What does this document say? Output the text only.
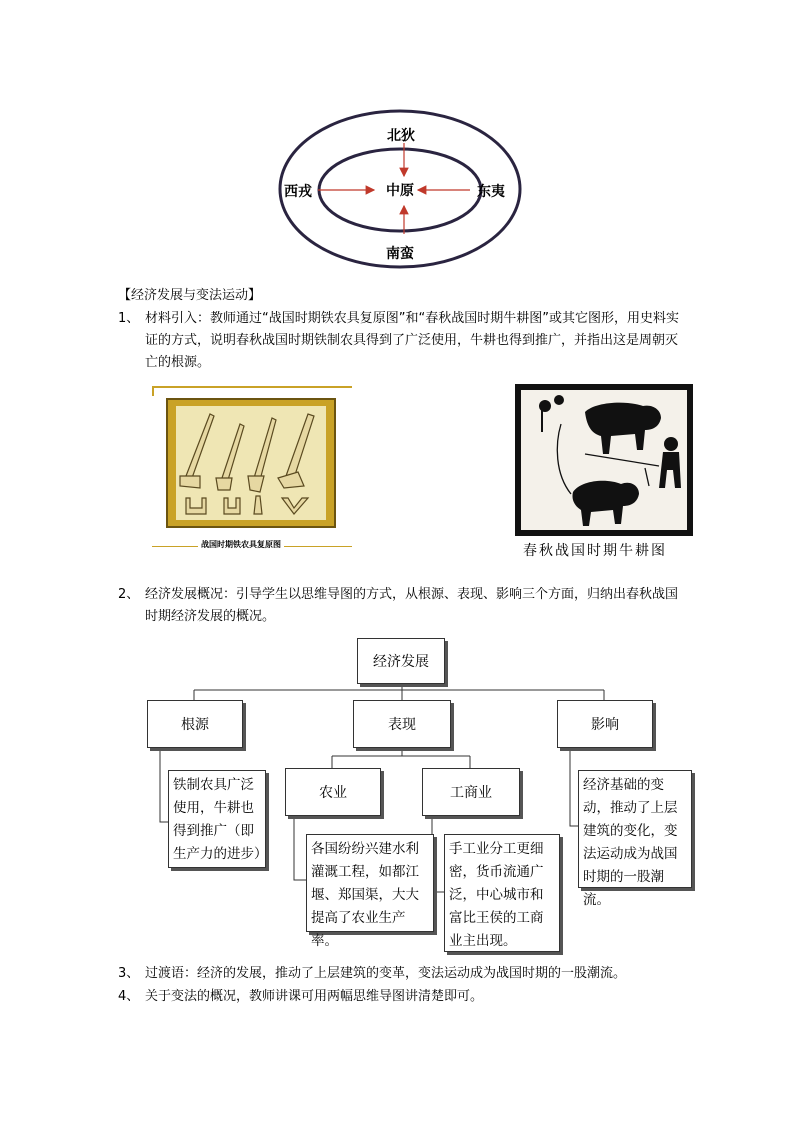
北狄
西戎	中原	东夷
南蛮
【经济发展与变法运动】
1、 材料引入：教师通过“战国时期铁农具复原图”和“春秋战国时期牛耕图”或其它图形，用史料实证的方式，说明春秋战国时期铁制农具得到了广泛使用，牛耕也得到推广，并指出这是周朝灭亡的根源。
战国时期铁农具复原图	春秋战国时期牛耕图
2、 经济发展概况：引导学生以思维导图的方式，从根源、表现、影响三个方面，归纳出春秋战国时期经济发展的概况。
经济发展
根源	表现	影响
农业	工商业
铁制农具广泛使用，牛耕也得到推广（即生产力的进步）	各国纷纷兴建水利灌溉工程，如都江堰、郑国渠，大大提高了农业生产率。
手工业分工更细密，货币流通广泛，中心城市和富比王侯的工商业主出现。
经济基础的变动，推动了上层建筑的变化，变法运动成为战国时期的一股潮流。
3、 过渡语：经济的发展，推动了上层建筑的变革，变法运动成为战国时期的一股潮流。
4、 关于变法的概况，教师讲课可用两幅思维导图讲清楚即可。
